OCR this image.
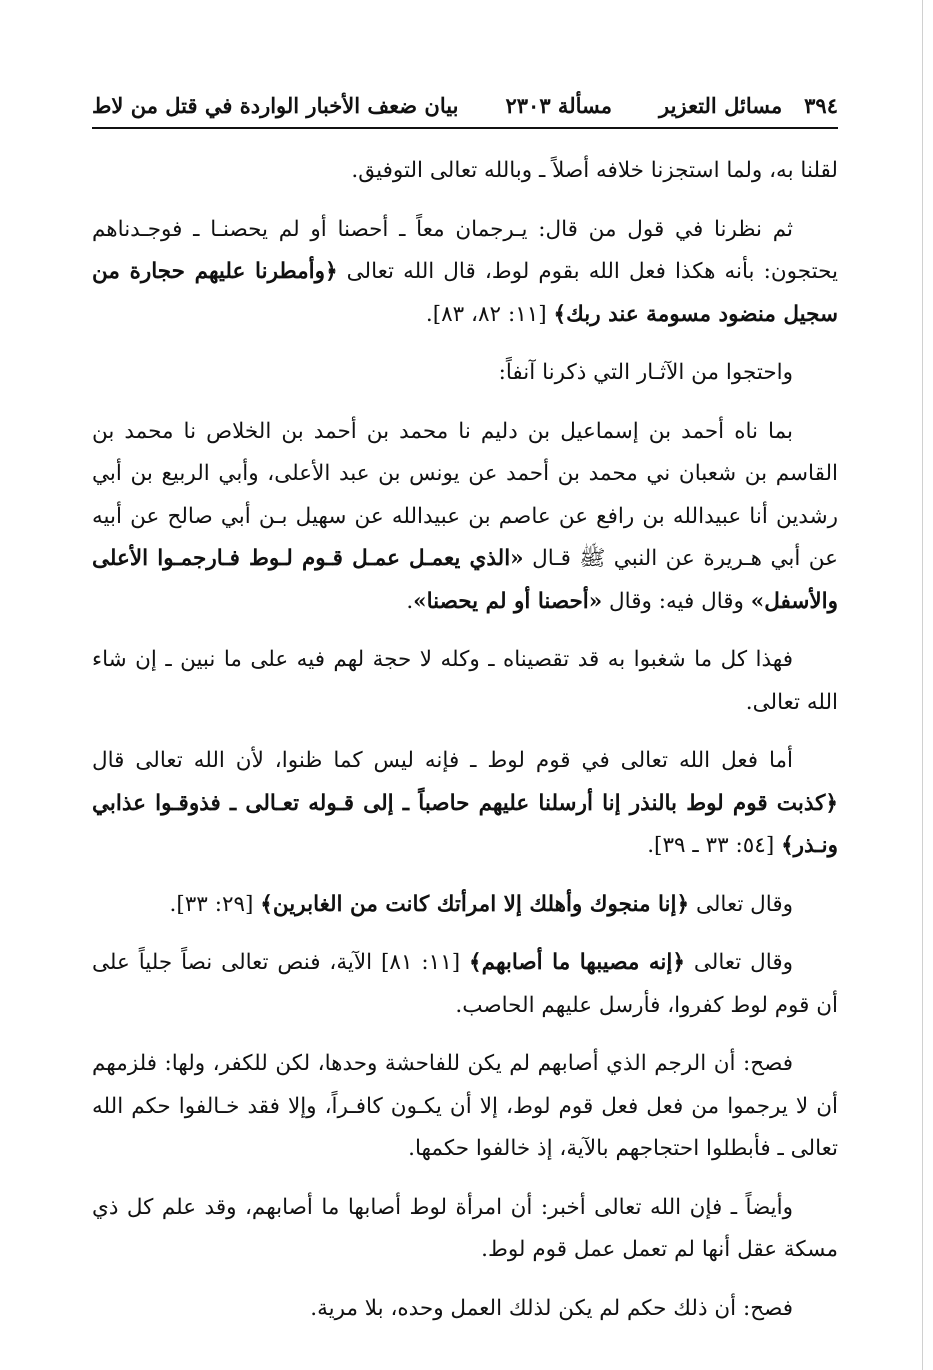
٣٩٤   مسائل التعزير
مسألة ٢٣٠٣
بيان ضعف الأخبار الواردة في قتل من لاط

لقلنا به، ولما استجزنا خلافه أصلاً ـ وبالله تعالى التوفيق.

ثم نظرنا في قول من قال: يـرجمان معاً ـ أحصنا أو لم يحصنـا ـ فوجـدناهم يحتجون: بأنه هكذا فعل الله بقوم لوط، قال الله تعالى ﴿وأمطرنا عليهم حجارة من سجيل منضود مسومة عند ربك﴾ [١١: ٨٢، ٨٣].

واحتجوا من الآثـار التي ذكرنا آنفاً:

بما ناه أحمد بن إسماعيل بن دليم نا محمد بن أحمد بن الخلاص نا محمد بن القاسم بن شعبان ني محمد بن أحمد عن يونس بن عبد الأعلى، وأبي الربيع بن أبي رشدين أنا عبيدالله بن رافع عن عاصم بن عبيدالله عن سهيل بـن أبي صالح عن أبيه عن أبي هـريرة عن النبي ﷺ قـال «الذي يعمـل عمـل قـوم لـوط فـارجمـوا الأعلى والأسفل» وقال فيه: وقال «أحصنا أو لم يحصنا».

فهذا كل ما شغبوا به قد تقصيناه ـ وكله لا حجة لهم فيه على ما نبين ـ إن شاء الله تعالى.

أما فعل الله تعالى في قوم لوط ـ فإنه ليس كما ظنوا، لأن الله تعالى قال ﴿كذبت قوم لوط بالنذر إنا أرسلنا عليهم حاصباً ـ إلى قـوله تعـالى ـ فذوقـوا عذابي ونـذر﴾ [٥٤: ٣٣ ـ ٣٩].

وقال تعالى ﴿إنا منجوك وأهلك إلا امرأتك كانت من الغابرين﴾ [٢٩: ٣٣].

وقال تعالى ﴿إنه مصيبها ما أصابهم﴾ [١١: ٨١] الآية، فنص تعالى نصاً جلياً على أن قوم لوط كفروا، فأرسل عليهم الحاصب.

فصح: أن الرجم الذي أصابهم لم يكن للفاحشة وحدها، لكن للكفر، ولها: فلزمهم أن لا يرجموا من فعل فعل قوم لوط، إلا أن يكـون كافـراً، وإلا فقد خـالفوا حكم الله تعالى ـ فأبطلوا احتجاجهم بالآية، إذ خالفوا حكمها.

وأيضاً ـ فإن الله تعالى أخبر: أن امرأة لوط أصابها ما أصابهم، وقد علم كل ذي مسكة عقل أنها لم تعمل عمل قوم لوط.

فصح: أن ذلك حكم لم يكن لذلك العمل وحده، بلا مرية.
